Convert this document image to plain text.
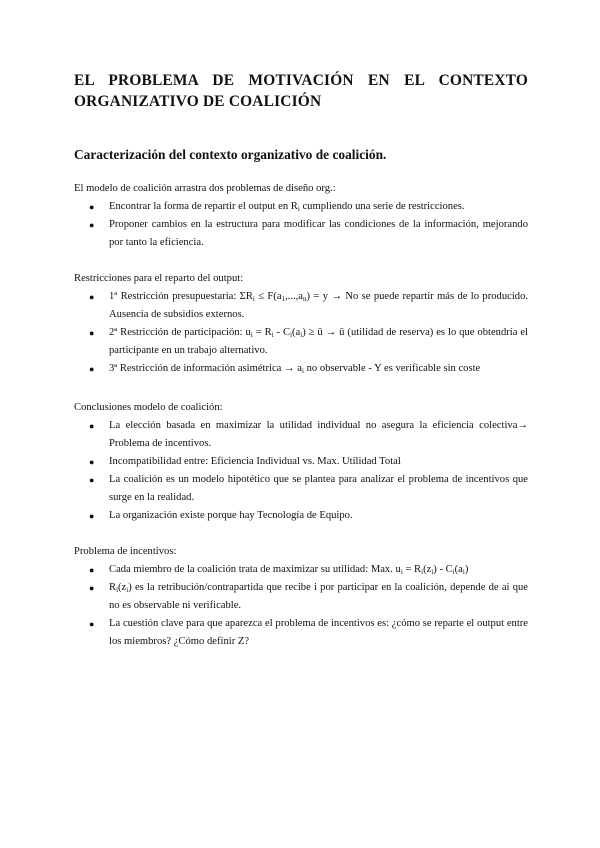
EL PROBLEMA DE MOTIVACIÓN EN EL CONTEXTO ORGANIZATIVO DE COALICIÓN
Caracterización del contexto organizativo de coalición.

El modelo de coalición arrastra dos problemas de diseño org.:

● Encontrar la forma de repartir el output en $R_i$ cumpliendo una serie de restricciones.
● Proponer cambios en la estructura para modificar las condiciones de la información, mejorando por tanto la eficiencia.

Restricciones para el reparto del output:

● 1ª Restricción presupuestaria: $\Sigma R_i \le F(a_1,...,a_n) = y \to No$ se puede repartir más de lo producido. Ausencia de subsidios externos.
● 2ª Restricción de participación: $u_i = R_i - C_i(a_i)$ ≥ ū → ū (utilidad de reserva) es lo que obtendría el participante en un trabajo alternativo.
● 3ª Restricción de información asimétrica → $a_i$ no observable - Y es verificable sin coste

Conclusiones modelo de coalición:

● La elección basada en maximizar la utilidad individual no asegura la eficiencia colectiva→ Problema de incentivos.
● Incompatibilidad entre: Eficiencia Individual vs. Max. Utilidad Total
● La coalición es un modelo hipotético que se plantea para analizar el problema de incentivos que surge en la realidad.
● La organización existe porque hay Tecnología de Equipo.

Problema de incentivos:

● Cada miembro de la coalición trata de maximizar su utilidad: Max. $u_i = R_i(z_i) - C_i(a_i)$
● $R_i(z_i)$ es la retribución/contrapartida que recibe i por participar en la coalición, depende de ai que no es observable ni verificable.
● La cuestión clave para que aparezca el problema de incentivos es: ¿cómo se reparte el output entre los miembros? ¿Cómo definir Z?
